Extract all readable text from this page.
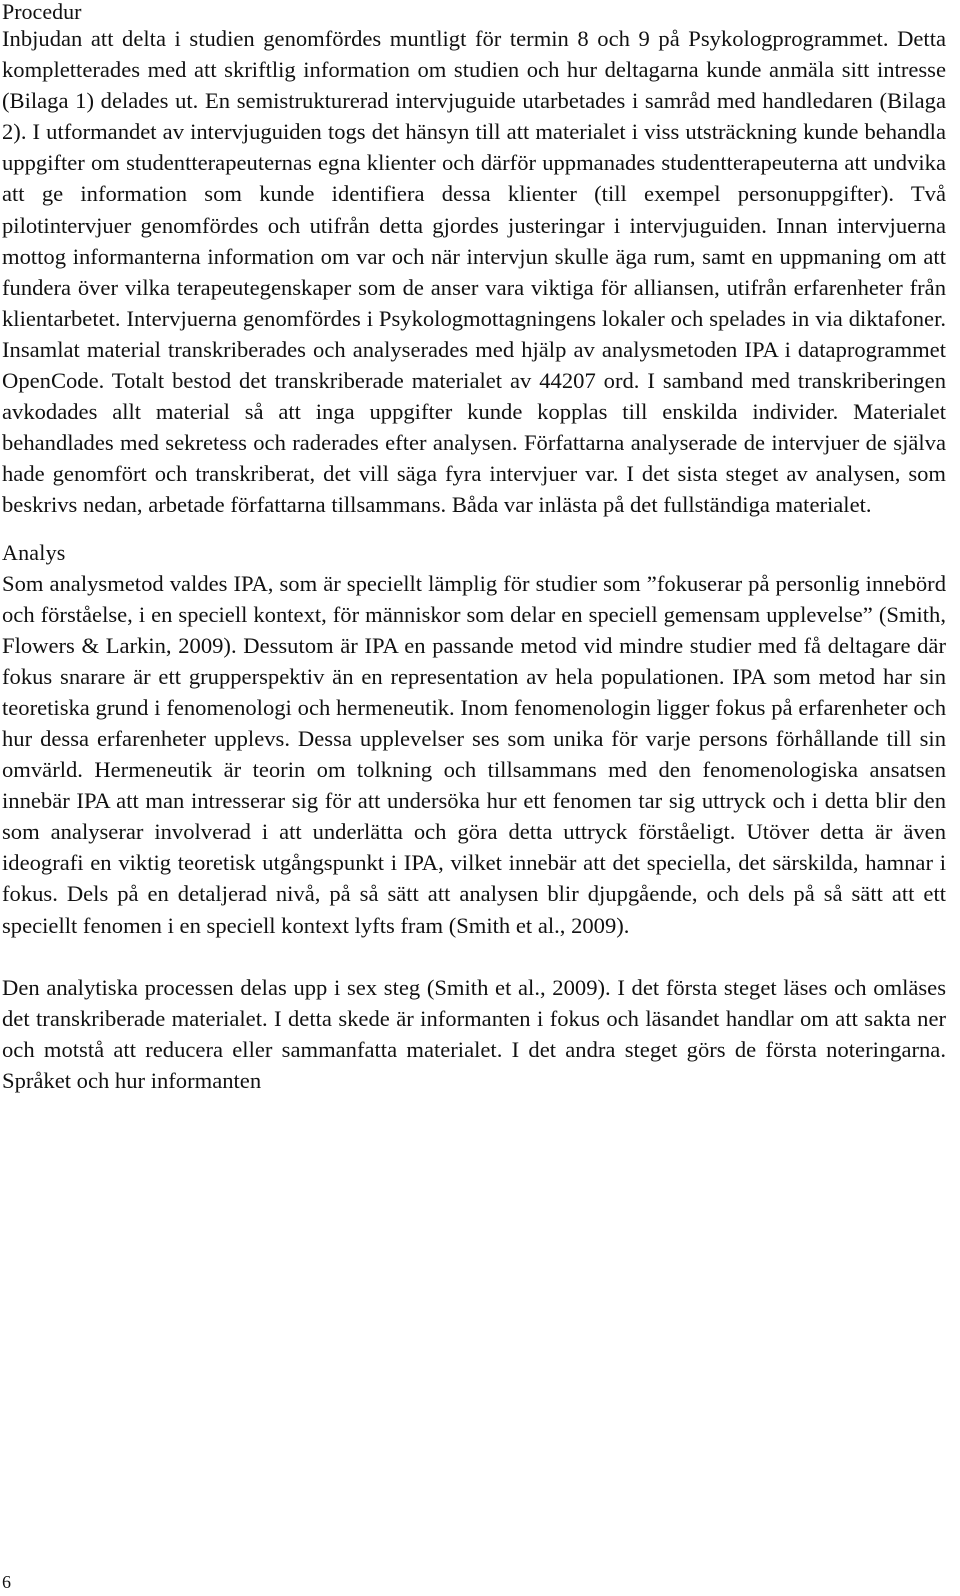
Procedur

Inbjudan att delta i studien genomfördes muntligt för termin 8 och 9 på Psykologprogrammet. Detta kompletterades med att skriftlig information om studien och hur deltagarna kunde anmäla sitt intresse (Bilaga 1) delades ut. En semistrukturerad intervjuguide utarbetades i samråd med handledaren (Bilaga 2). I utformandet av intervjuguiden togs det hänsyn till att materialet i viss utsträckning kunde behandla uppgifter om studentterapeuternas egna klienter och därför uppmanades studentterapeuterna att undvika att ge information som kunde identifiera dessa klienter (till exempel personuppgifter). Två pilotintervjuer genomfördes och utifrån detta gjordes justeringar i intervjuguiden. Innan intervjuerna mottog informanterna information om var och när intervjun skulle äga rum, samt en uppmaning om att fundera över vilka terapeutegenskaper som de anser vara viktiga för alliansen, utifrån erfarenheter från klientarbetet. Intervjuerna genomfördes i Psykologmottagningens lokaler och spelades in via diktafoner. Insamlat material transkriberades och analyserades med hjälp av analysmetoden IPA i dataprogrammet OpenCode. Totalt bestod det transkriberade materialet av 44207 ord. I samband med transkriberingen avkodades allt material så att inga uppgifter kunde kopplas till enskilda individer. Materialet behandlades med sekretess och raderades efter analysen. Författarna analyserade de intervjuer de själva hade genomfört och transkriberat, det vill säga fyra intervjuer var. I det sista steget av analysen, som beskrivs nedan, arbetade författarna tillsammans. Båda var inlästa på det fullständiga materialet.

Analys

Som analysmetod valdes IPA, som är speciellt lämplig för studier som ”fokuserar på personlig innebörd och förståelse, i en speciell kontext, för människor som delar en speciell gemensam upplevelse” (Smith, Flowers & Larkin, 2009). Dessutom är IPA en passande metod vid mindre studier med få deltagare där fokus snarare är ett grupperspektiv än en representation av hela populationen. IPA som metod har sin teoretiska grund i fenomenologi och hermeneutik. Inom fenomenologin ligger fokus på erfarenheter och hur dessa erfarenheter upplevs. Dessa upplevelser ses som unika för varje persons förhållande till sin omvärld. Hermeneutik är teorin om tolkning och tillsammans med den fenomenologiska ansatsen innebär IPA att man intresserar sig för att undersöka hur ett fenomen tar sig uttryck och i detta blir den som analyserar involverad i att underlätta och göra detta uttryck förståeligt. Utöver detta är även ideografi en viktig teoretisk utgångspunkt i IPA, vilket innebär att det speciella, det särskilda, hamnar i fokus. Dels på en detaljerad nivå, på så sätt att analysen blir djupgående, och dels på så sätt att ett speciellt fenomen i en speciell kontext lyfts fram (Smith et al., 2009).

Den analytiska processen delas upp i sex steg (Smith et al., 2009). I det första steget läses och omläses det transkriberade materialet. I detta skede är informanten i fokus och läsandet handlar om att sakta ner och motstå att reducera eller sammanfatta materialet. I det andra steget görs de första noteringarna. Språket och hur informanten

6
